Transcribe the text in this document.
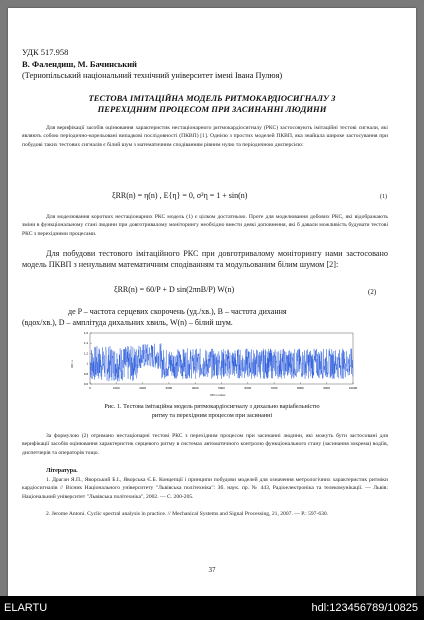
УДК 517.958
В. Фалендиш, М. Бачинський
(Тернопільський національний технічний університет імені Івана Пулюя)
ТЕСТОВА ІМІТАЦІЙНА МОДЕЛЬ РИТМОКАРДІОСИГНАЛУ З
ПЕРЕХІДНИМ ПРОЦЕСОМ ПРИ ЗАСИНАННІ ЛЮДИНИ

Для верифікації засобів оцінювання характеристик нестаціонарного ритмокардіосигналу (РКС) застосовують імітаційні тестові сигнали, які являють собою періодично-корельовані випадкові послідовності (ПКВП) [1]. Однією з простих моделей ПКВП, яка знайшла широке застосування при побудові таких тестових сигналів є білий шум з математичним сподіванням рівним нулю та періодичною дисперсією:

ξRR(n) = η(n) , E{η} = 0, σ²η = 1 + sin(n)	(1)

Для моделювання коротких нестаціонарних РКС модель (1) є цілком достатньою. Проте для моделювання добових РКС, які відображають зміни в функціональному стані людини при довготривалому моніторингу необхідно внести деякі доповнення, які б давали можливість будувати тестові РКС з перехідними процесами.

Для побудови тестового імітаційного РКС при довготривалому моніторингу нами застосовано модель ПКВП з ненульвим математичним сподіванням та модульованим білим шумом [2]:

ξRR(n) = 60/P + D sin(2πnB/P) W(n)	(2)
де P – частота серцевих скорочень (уд./хв.), B – частота дихання
(вдох/хв.), D – амплітуда дихальних хвиль, W(n) – білий шум.
1.6
1.4
1.2
1
0.8
0.6
0	1000	2000	3000	4000	5000	6000	7000	8000	9000	10000
RR, s
RR number
Рис. 1. Тестова імітаційна модель ритмокардіосигналу з дихально варіабельністю
ритму та перехідним процесом при засинанні

За формулою (2) отримано нестаціонарні тестові РКС з перехідним процесом при засинанні людини, які можуть бути застосовані для верифікації засобів оцінювання характеристик серцевого ритму в системах автоматичного контролю функціонального стану (засинання зокрема) водіїв, диспетчерів та операторів тощо.

Література.

1. Драган Я.П., Яворський Б.І., Яворська Є.Б. Концепції і принципи побудови моделей для означення метрологічних характеристик ритміки кардіосигналів // Вісник Національного університету "Львівська політехніка": Зб. наук. пр. № 443, Радіоелектроніка та телекомунікації. — Львів: Національний університет "Львівська політехніка", 2002. — С. 200-205.

2. Jerome Antoni. Cyclic spectral analysis in practice. // Mechanical Systems and Signal Processing, 21, 2007. — P.: 597-630.

37
ELARTU	hdl:123456789/10825
